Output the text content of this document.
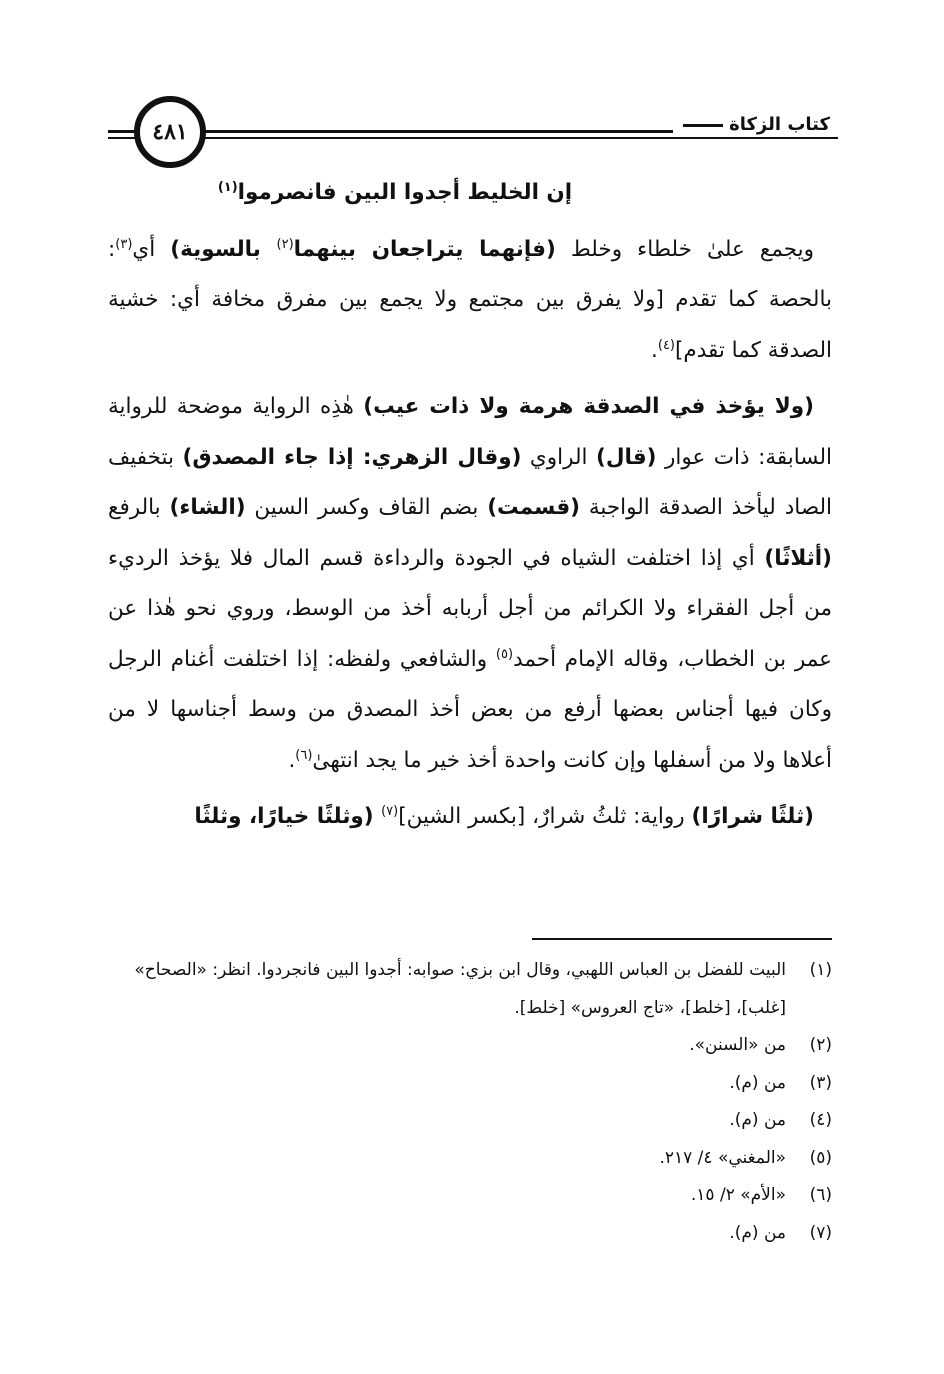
٤٨١	كتاب الزكاة

إن الخليط أجدوا البين فانصرموا$^{(١)}$

ويجمع علىٰ خلطاء وخلط (فإنهما يتراجعان بينهما$^{(٢)}$ بالسوية) أي$^{(٣)}$: بالحصة كما تقدم [ولا يفرق بين مجتمع ولا يجمع بين مفرق مخافة أي: خشية الصدقة كما تقدم]$^{(٤)}$.

(ولا يؤخذ في الصدقة هرمة ولا ذات عيب) هٰذِه الرواية موضحة للرواية السابقة: ذات عوار (قال) الراوي (وقال الزهري: إذا جاء المصدق) بتخفيف الصاد ليأخذ الصدقة الواجبة (قسمت) بضم القاف وكسر السين (الشاء) بالرفع (أثلاثًا) أي إذا اختلفت الشياه في الجودة والرداءة قسم المال فلا يؤخذ الرديء من أجل الفقراء ولا الكرائم من أجل أربابه أخذ من الوسط، وروي نحو هٰذا عن عمر بن الخطاب، وقاله الإمام أحمد$^{(٥)}$ والشافعي ولفظه: إذا اختلفت أغنام الرجل وكان فيها أجناس بعضها أرفع من بعض أخذ المصدق من وسط أجناسها لا من أعلاها ولا من أسفلها وإن كانت واحدة أخذ خير ما يجد انتهىٰ$^{(٦)}$.

(ثلثًا شرارًا) رواية: ثلثُ شرارٌ، [بكسر الشين]$^{(٧)}$ (وثلثًا خيارًا، وثلثًا

(١)
البيت للفضل بن العباس اللهبي، وقال ابن بزي: صوابه: أجدوا البين فانجردوا. انظر: «الصحاح» [غلب]، [خلط]، «تاج العروس» [خلط].
(٢)
من «السنن».
(٣)
من (م).
(٤)
من (م).
(٥)
«المغني» ٤/ ٢١٧.
(٦)
«الأم» ٢/ ١٥.
(٧)
من (م).
